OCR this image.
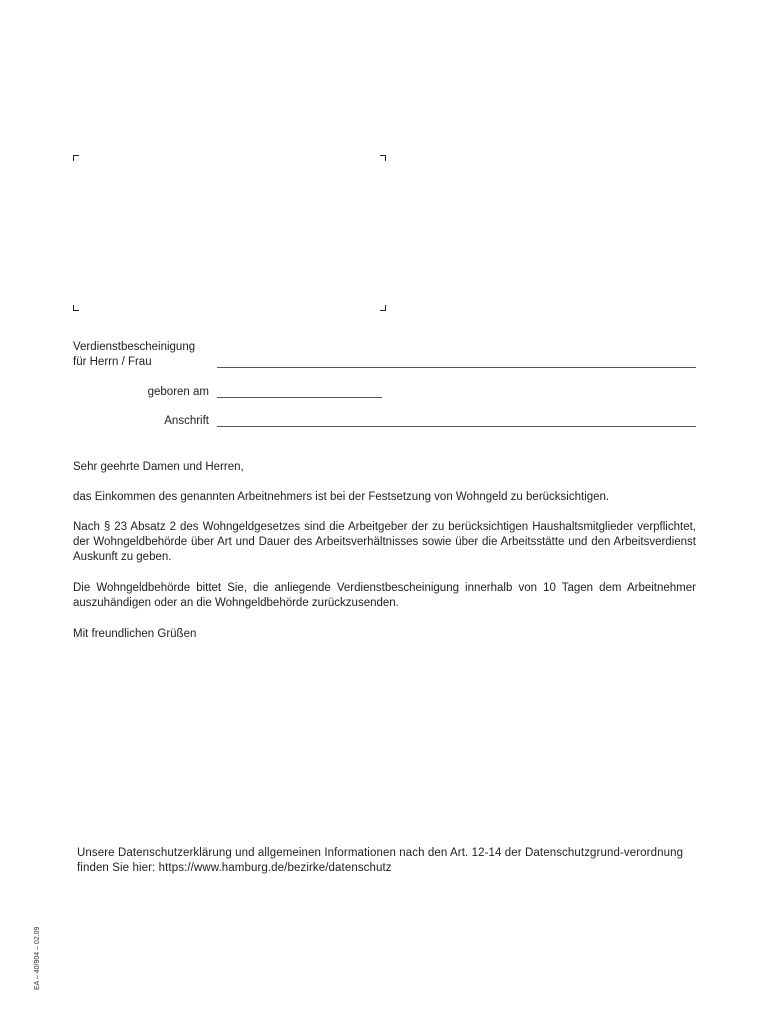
Verdienstbescheinigung
für Herrn / Frau
geboren am
Anschrift
Sehr geehrte Damen und Herren,
das Einkommen des genannten Arbeitnehmers ist bei der Festsetzung von Wohngeld zu berücksichtigen.
Nach § 23 Absatz 2 des Wohngeldgesetzes sind die Arbeitgeber der zu berücksichtigen Haushaltsmitglieder verpflichtet, der Wohngeldbehörde über Art und Dauer des Arbeitsverhältnisses sowie über die Arbeitsstätte und den Arbeitsverdienst Auskunft zu geben.
Die Wohngeldbehörde bittet Sie, die anliegende Verdienstbescheinigung innerhalb von 10 Tagen dem Arbeitnehmer auszuhändigen oder an die Wohngeldbehörde zurückzusenden.
Mit freundlichen Grüßen
Unsere Datenschutzerklärung und allgemeinen Informationen nach den Art. 12-14 der Datenschutzgrund-verordnung finden Sie hier: https://www.hamburg.de/bezirke/datenschutz
EA – 40/904 – 02.09
